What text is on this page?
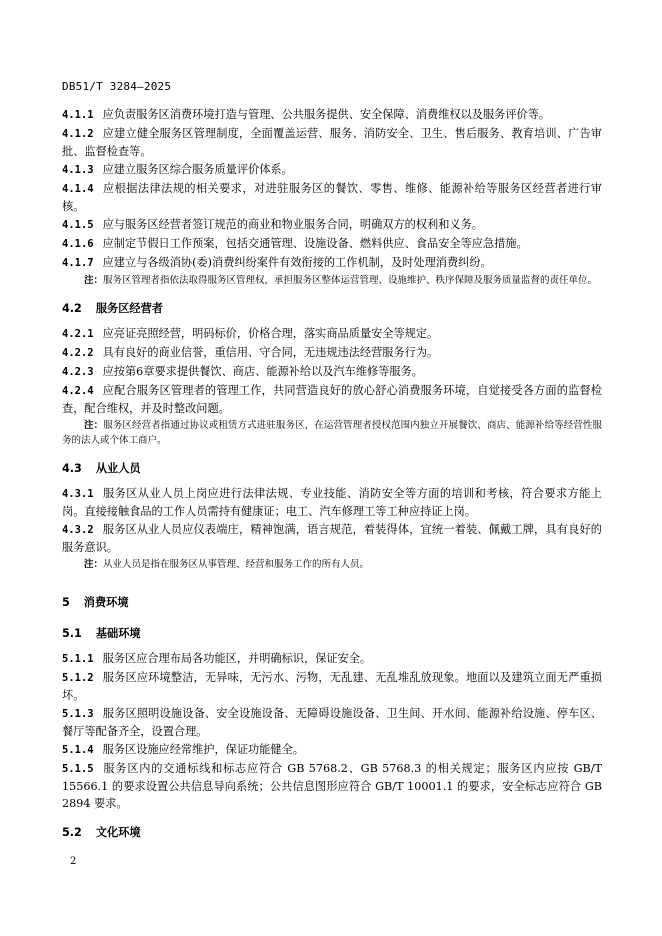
DB51/T 3284—2025

4.1.1 应负责服务区消费环境打造与管理、公共服务提供、安全保障、消费维权以及服务评价等。

4.1.2 应建立健全服务区管理制度，全面覆盖运营、服务、消防安全、卫生、售后服务、教育培训、广告审批、监督检查等。

4.1.3 应建立服务区综合服务质量评价体系。

4.1.4 应根据法律法规的相关要求，对进驻服务区的餐饮、零售、维修、能源补给等服务区经营者进行审核。

4.1.5 应与服务区经营者签订规范的商业和物业服务合同，明确双方的权利和义务。

4.1.6 应制定节假日工作预案，包括交通管理、设施设备、燃料供应、食品安全等应急措施。

4.1.7 应建立与各级消协(委)消费纠纷案件有效衔接的工作机制，及时处理消费纠纷。

注：服务区管理者指依法取得服务区管理权，承担服务区整体运营管理、设施维护、秩序保障及服务质量监督的责任单位。

4.2 服务区经营者

4.2.1 应亮证亮照经营，明码标价，价格合理，落实商品质量安全等规定。

4.2.2 具有良好的商业信誉，重信用、守合同，无违规违法经营服务行为。

4.2.3 应按第6章要求提供餐饮、商店、能源补给以及汽车维修等服务。

4.2.4 应配合服务区管理者的管理工作，共同营造良好的放心舒心消费服务环境，自觉接受各方面的监督检查，配合维权，并及时整改问题。

注：服务区经营者指通过协议或租赁方式进驻服务区，在运营管理者授权范围内独立开展餐饮、商店、能源补给等经营性服务的法人或个体工商户。

4.3 从业人员

4.3.1 服务区从业人员上岗应进行法律法规、专业技能、消防安全等方面的培训和考核，符合要求方能上岗。直接接触食品的工作人员需持有健康证；电工、汽车修理工等工种应持证上岗。

4.3.2 服务区从业人员应仪表端庄，精神饱满，语言规范，着装得体，宜统一着装、佩戴工牌，具有良好的服务意识。

注：从业人员是指在服务区从事管理、经营和服务工作的所有人员。

5 消费环境
5.1 基础环境

5.1.1 服务区应合理布局各功能区，并明确标识，保证安全。

5.1.2 服务区应环境整洁，无异味，无污水、污物，无乱建、无乱堆乱放现象。地面以及建筑立面无严重损坏。

5.1.3 服务区照明设施设备、安全设施设备、无障碍设施设备、卫生间、开水间、能源补给设施、停车区、餐厅等配备齐全，设置合理。

5.1.4 服务区设施应经常维护，保证功能健全。

5.1.5 服务区内的交通标线和标志应符合 GB 5768.2、GB 5768.3 的相关规定；服务区内应按 GB/T 15566.1 的要求设置公共信息导向系统；公共信息图形应符合 GB/T 10001.1 的要求，安全标志应符合 GB 2894 要求。

5.2 文化环境
2
